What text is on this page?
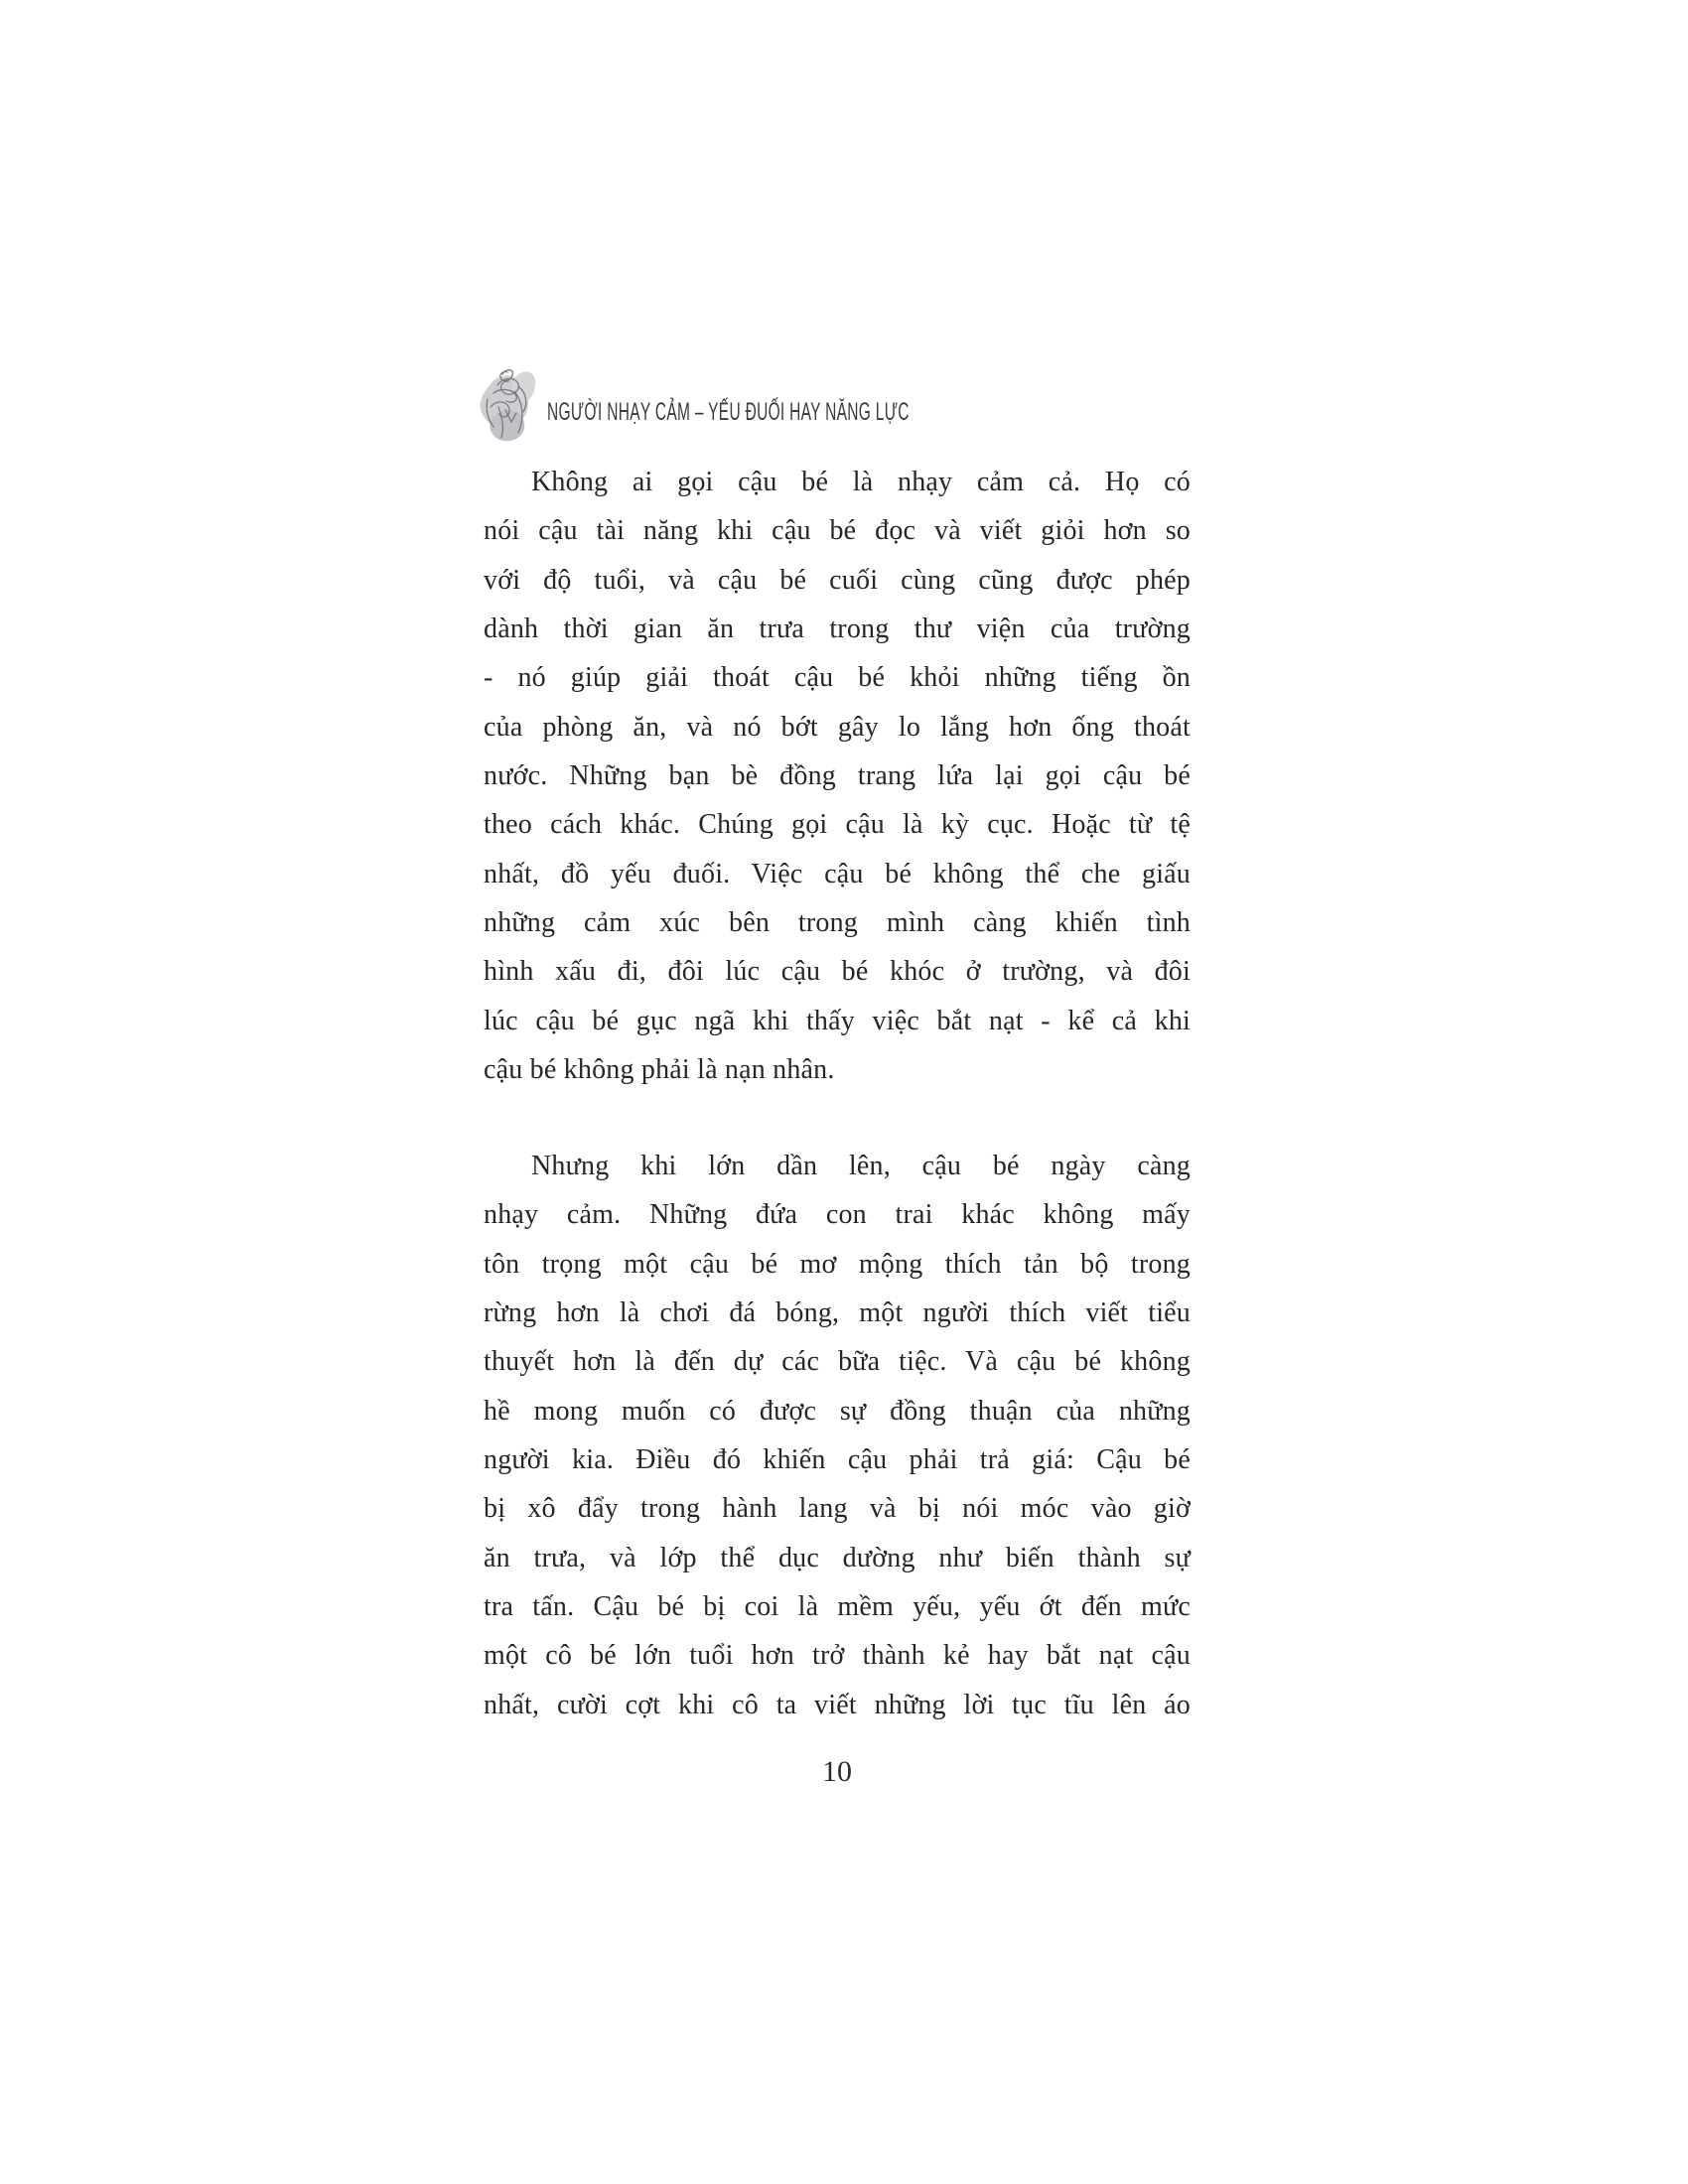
NGƯỜI NHẠY CẢM – YẾU ĐUỐI HAY NĂNG LỰC
Không ai gọi cậu bé là nhạy cảm cả. Họ có
nói cậu tài năng khi cậu bé đọc và viết giỏi hơn so
với độ tuổi, và cậu bé cuối cùng cũng được phép
dành thời gian ăn trưa trong thư viện của trường
- nó giúp giải thoát cậu bé khỏi những tiếng ồn
của phòng ăn, và nó bớt gây lo lắng hơn ống thoát
nước. Những bạn bè đồng trang lứa lại gọi cậu bé
theo cách khác. Chúng gọi cậu là kỳ cục. Hoặc từ tệ
nhất, đồ yếu đuối. Việc cậu bé không thể che giấu
những cảm xúc bên trong mình càng khiến tình
hình xấu đi, đôi lúc cậu bé khóc ở trường, và đôi
lúc cậu bé gục ngã khi thấy việc bắt nạt - kể cả khi
cậu bé không phải là nạn nhân.
Nhưng khi lớn dần lên, cậu bé ngày càng
nhạy cảm. Những đứa con trai khác không mấy
tôn trọng một cậu bé mơ mộng thích tản bộ trong
rừng hơn là chơi đá bóng, một người thích viết tiểu
thuyết hơn là đến dự các bữa tiệc. Và cậu bé không
hề mong muốn có được sự đồng thuận của những
người kia. Điều đó khiến cậu phải trả giá: Cậu bé
bị xô đẩy trong hành lang và bị nói móc vào giờ
ăn trưa, và lớp thể dục dường như biến thành sự
tra tấn. Cậu bé bị coi là mềm yếu, yếu ớt đến mức
một cô bé lớn tuổi hơn trở thành kẻ hay bắt nạt cậu
nhất, cười cợt khi cô ta viết những lời tục tĩu lên áo
10
